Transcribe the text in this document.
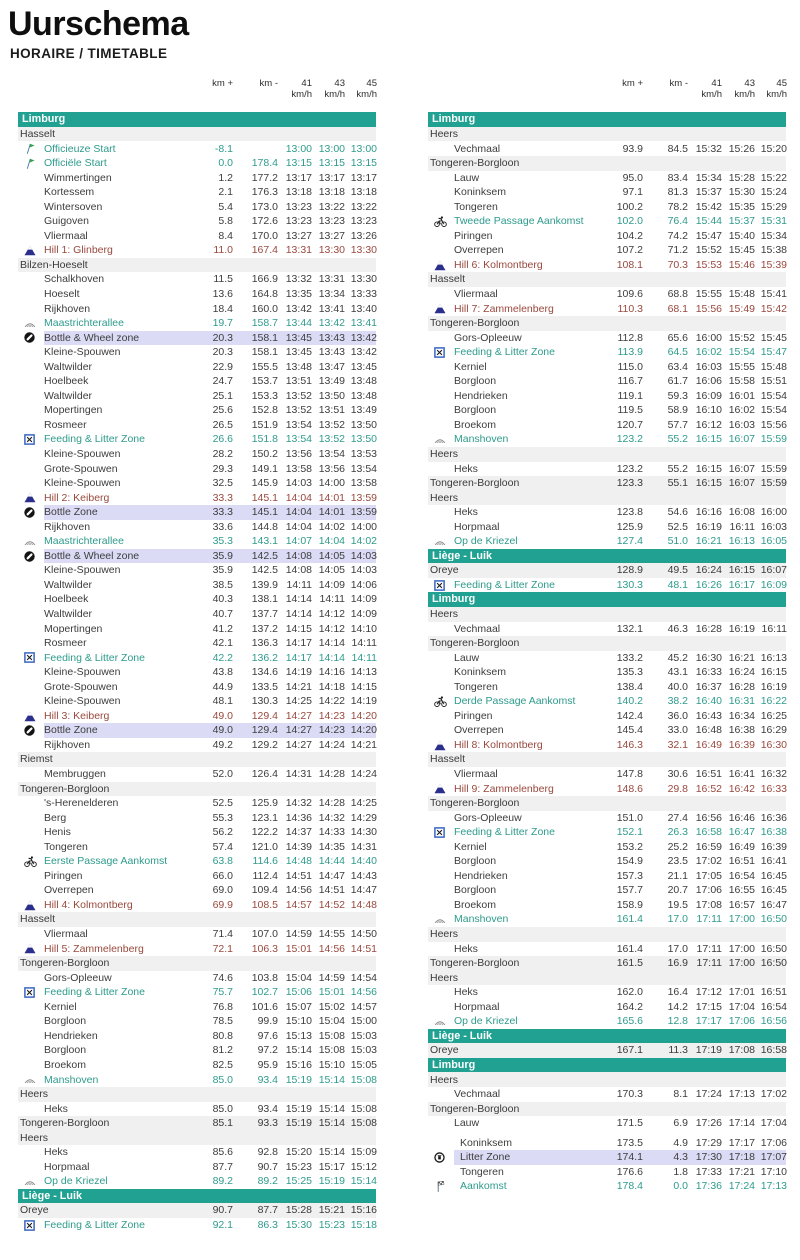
Uurschema
HORAIRE / TIMETABLE
km +
	km -
	41
km/h
43
km/h
45
km/h
Limburg
Hasselt
Officieuze Start	-8.1	13:00 13:00 13:00
Officiële Start	0.0	178.4 13:15 13:15 13:15
Wimmertingen	1.2	177.2 13:17 13:17 13:17
Kortessem	2.1	176.3 13:18 13:18 13:18
Wintersoven	5.4	173.0 13:23 13:22 13:22
Guigoven	5.8	172.6 13:23 13:23 13:23
Vliermaal	8.4	170.0 13:27 13:27 13:26
Hill 1: Glinberg	11.0	167.4 13:31 13:30 13:30
Bilzen-Hoeselt
Schalkhoven	11.5	166.9 13:32 13:31 13:30
Hoeselt	13.6	164.8 13:35 13:34 13:33
Rijkhoven	18.4	160.0 13:42 13:41 13:40
Maastrichterallee	19.7	158.7 13:44 13:42 13:41
Bottle & Wheel zone	20.3	158.1 13:45 13:43 13:42
Kleine-Spouwen	20.3	158.1 13:45 13:43 13:42
Waltwilder	22.9	155.5 13:48 13:47 13:45
Hoelbeek	24.7	153.7 13:51 13:49 13:48
Waltwilder	25.1	153.3 13:52 13:50 13:48
Mopertingen	25.6	152.8 13:52 13:51 13:49
Rosmeer	26.5	151.9 13:54 13:52 13:50
Feeding & Litter Zone	26.6	151.8 13:54 13:52 13:50
Kleine-Spouwen	28.2	150.2 13:56 13:54 13:53
Grote-Spouwen	29.3	149.1 13:58 13:56 13:54
Kleine-Spouwen	32.5	145.9 14:03 14:00 13:58
Hill 2: Keiberg	33.3	145.1 14:04 14:01 13:59
Bottle Zone	33.3	145.1 14:04 14:01 13:59
Rijkhoven	33.6	144.8 14:04 14:02 14:00
Maastrichterallee	35.3	143.1 14:07 14:04 14:02
Bottle & Wheel zone	35.9	142.5 14:08 14:05 14:03
Kleine-Spouwen	35.9	142.5 14:08 14:05 14:03
Waltwilder	38.5	139.9 14:11 14:09 14:06
Hoelbeek	40.3	138.1 14:14 14:11 14:09
Waltwilder	40.7	137.7 14:14 14:12 14:09
Mopertingen	41.2	137.2 14:15 14:12 14:10
Rosmeer	42.1	136.3 14:17 14:14 14:11
Feeding & Litter Zone	42.2	136.2 14:17 14:14 14:11
Kleine-Spouwen	43.8	134.6 14:19 14:16 14:13
Grote-Spouwen	44.9	133.5 14:21 14:18 14:15
Kleine-Spouwen	48.1	130.3 14:25 14:22 14:19
Hill 3: Keiberg	49.0	129.4 14:27 14:23 14:20
Bottle Zone	49.0	129.4 14:27 14:23 14:20
Rijkhoven	49.2	129.2 14:27 14:24 14:21
Riemst
Membruggen	52.0	126.4 14:31 14:28 14:24
Tongeren-Borgloon
's-Herenelderen	52.5	125.9 14:32 14:28 14:25
Berg	55.3	123.1 14:36 14:32 14:29
Henis	56.2	122.2 14:37 14:33 14:30
Tongeren	57.4	121.0 14:39 14:35 14:31
Eerste Passage Aankomst	63.8	114.6 14:48 14:44 14:40
Piringen	66.0	112.4 14:51 14:47 14:43
Overrepen	69.0	109.4 14:56 14:51 14:47
Hill 4: Kolmontberg	69.9	108.5 14:57 14:52 14:48
Hasselt
Vliermaal	71.4	107.0 14:59 14:55 14:50
Hill 5: Zammelenberg	72.1	106.3 15:01 14:56 14:51
Tongeren-Borgloon
Gors-Opleeuw	74.6	103.8 15:04 14:59 14:54
Feeding & Litter Zone	75.7	102.7 15:06 15:01 14:56
Kerniel	76.8	101.6 15:07 15:02 14:57
Borgloon	78.5	99.9 15:10 15:04 15:00
Hendrieken	80.8	97.6 15:13 15:08 15:03
Borgloon	81.2	97.2 15:14 15:08 15:03
Broekom	82.5	95.9 15:16 15:10 15:05
Manshoven	85.0	93.4 15:19 15:14 15:08
Heers
Heks	85.0	93.4 15:19 15:14 15:08
Tongeren-Borgloon	85.1	93.3 15:19 15:14 15:08
Heers
Heks	85.6	92.8 15:20 15:14 15:09
Horpmaal	87.7	90.7 15:23 15:17 15:12
Op de Kriezel	89.2	89.2 15:25 15:19 15:14
Liège - Luik
Oreye	90.7	87.7 15:28 15:21 15:16
Feeding & Litter Zone	92.1	86.3 15:30 15:23 15:18
km +
	km -
	41
km/h
43
km/h
45
km/h
Limburg
Heers
Vechmaal	93.9	84.5 15:32 15:26 15:20
Tongeren-Borgloon
Lauw	95.0	83.4 15:34 15:28 15:22
Koninksem	97.1	81.3 15:37 15:30 15:24
Tongeren	100.2	78.2 15:42 15:35 15:29
Tweede Passage Aankomst	102.0	76.4 15:44 15:37 15:31
Piringen	104.2	74.2 15:47 15:40 15:34
Overrepen	107.2	71.2 15:52 15:45 15:38
Hill 6: Kolmontberg	108.1	70.3 15:53 15:46 15:39
Hasselt
Vliermaal	109.6	68.8 15:55 15:48 15:41
Hill 7: Zammelenberg	110.3	68.1 15:56 15:49 15:42
Tongeren-Borgloon
Gors-Opleeuw	112.8	65.6 16:00 15:52 15:45
Feeding & Litter Zone	113.9	64.5 16:02 15:54 15:47
Kerniel	115.0	63.4 16:03 15:55 15:48
Borgloon	116.7	61.7 16:06 15:58 15:51
Hendrieken	119.1	59.3 16:09 16:01 15:54
Borgloon	119.5	58.9 16:10 16:02 15:54
Broekom	120.7	57.7 16:12 16:03 15:56
Manshoven	123.2	55.2 16:15 16:07 15:59
Heers
Heks	123.2	55.2 16:15 16:07 15:59
Tongeren-Borgloon	123.3	55.1 16:15 16:07 15:59
Heers
Heks	123.8	54.6 16:16 16:08 16:00
Horpmaal	125.9	52.5 16:19 16:11 16:03
Op de Kriezel	127.4	51.0 16:21 16:13 16:05
Liège - Luik
Oreye	128.9	49.5 16:24 16:15 16:07
Feeding & Litter Zone	130.3	48.1 16:26 16:17 16:09
Limburg
Heers
Vechmaal	132.1	46.3 16:28 16:19 16:11
Tongeren-Borgloon
Lauw	133.2	45.2 16:30 16:21 16:13
Koninksem	135.3	43.1 16:33 16:24 16:15
Tongeren	138.4	40.0 16:37 16:28 16:19
Derde Passage Aankomst	140.2	38.2 16:40 16:31 16:22
Piringen	142.4	36.0 16:43 16:34 16:25
Overrepen	145.4	33.0 16:48 16:38 16:29
Hill 8: Kolmontberg	146.3	32.1 16:49 16:39 16:30
Hasselt
Vliermaal	147.8	30.6 16:51 16:41 16:32
Hill 9: Zammelenberg	148.6	29.8 16:52 16:42 16:33
Tongeren-Borgloon
Gors-Opleeuw	151.0	27.4 16:56 16:46 16:36
Feeding & Litter Zone	152.1	26.3 16:58 16:47 16:38
Kerniel	153.2	25.2 16:59 16:49 16:39
Borgloon	154.9	23.5 17:02 16:51 16:41
Hendrieken	157.3	21.1 17:05 16:54 16:45
Borgloon	157.7	20.7 17:06 16:55 16:45
Broekom	158.9	19.5 17:08 16:57 16:47
Manshoven	161.4	17.0 17:11 17:00 16:50
Heers
Heks	161.4	17.0 17:11 17:00 16:50
Tongeren-Borgloon	161.5	16.9 17:11 17:00 16:50
Heers
Heks	162.0	16.4 17:12 17:01 16:51
Horpmaal	164.2	14.2 17:15 17:04 16:54
Op de Kriezel	165.6	12.8 17:17 17:06 16:56
Liège - Luik
Oreye	167.1	11.3 17:19 17:08 16:58
Limburg
Heers
Vechmaal	170.3	8.1 17:24 17:13 17:02
Tongeren-Borgloon
Lauw	171.5	6.9 17:26 17:14 17:04
Koninksem	173.5	4.9 17:29 17:17 17:06
Litter Zone	174.1	4.3 17:30 17:18 17:07
Tongeren	176.6	1.8 17:33 17:21 17:10
Aankomst	178.4	0.0 17:36 17:24 17:13
